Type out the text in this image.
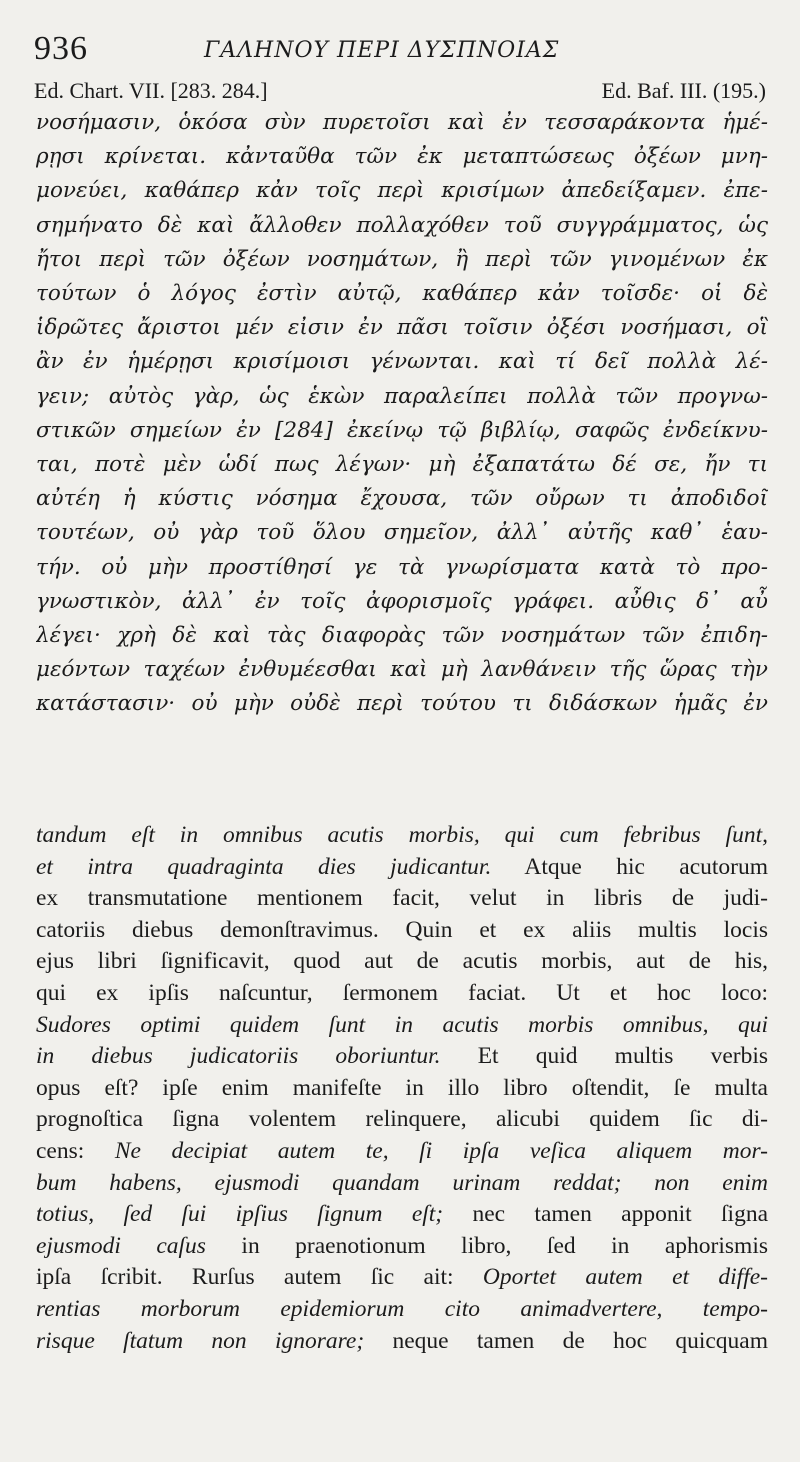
936	ΓΑΛΗΝΟΥ ΠΕΡΙ ΔΥΣΠΝΟΙΑΣ
Ed. Chart. VII. [283. 284.]	Ed. Baf. III. (195.)
νοσήμασιν, ὁκόσα σὺν πυρετοῖσι καὶ ἐν τεσσαράκοντα ἡμέ-
ρῃσι κρίνεται. κἀνταῦθα τῶν ἐκ μεταπτώσεως ὀξέων μνη-
μονεύει, καθάπερ κἀν τοῖς περὶ κρισίμων ἀπεδείξαμεν. ἐπε-
σημήνατο δὲ καὶ ἄλλοθεν πολλαχόθεν τοῦ συγγράμματος, ὡς
ἤτοι περὶ τῶν ὀξέων νοσημάτων, ἢ περὶ τῶν γινομένων ἐκ
τούτων ὁ λόγος ἐστὶν αὐτῷ, καθάπερ κἀν τοῖσδε· οἱ δὲ
ἱδρῶτες ἄριστοι μέν εἰσιν ἐν πᾶσι τοῖσιν ὀξέσι νοσήμασι, οἳ
ἂν ἐν ἡμέρῃσι κρισίμοισι γένωνται. καὶ τί δεῖ πολλὰ λέ-
γειν; αὐτὸς γὰρ, ὡς ἑκὼν παραλείπει πολλὰ τῶν προγνω-
στικῶν σημείων ἐν [284] ἐκείνῳ τῷ βιβλίῳ, σαφῶς ἐνδείκνυ-
ται, ποτὲ μὲν ὡδί πως λέγων· μὴ ἐξαπατάτω δέ σε, ἤν τι
αὐτέη ἡ κύστις νόσημα ἔχουσα, τῶν οὔρων τι ἀποδιδοῖ
τουτέων, οὐ γὰρ τοῦ ὅλου σημεῖον, ἀλλ᾽ αὐτῆς καθ᾽ ἑαυ-
τήν. οὐ μὴν προστίθησί γε τὰ γνωρίσματα κατὰ τὸ προ-
γνωστικὸν, ἀλλ᾽ ἐν τοῖς ἀφορισμοῖς γράφει. αὖθις δ᾽ αὖ
λέγει· χρὴ δὲ καὶ τὰς διαφορὰς τῶν νοσημάτων τῶν ἐπιδη-
μεόντων ταχέων ἐνθυμέεσθαι καὶ μὴ λανθάνειν τῆς ὥρας τὴν
κατάστασιν· οὐ μὴν οὐδὲ περὶ τούτου τι διδάσκων ἡμᾶς ἐν
tandum eſt in omnibus acutis morbis, qui cum febribus ſunt,
et intra quadraginta dies judicantur. Atque hic acutorum
ex transmutatione mentionem facit, velut in libris de judi-
catoriis diebus demonſtravimus. Quin et ex aliis multis locis
ejus libri ſignificavit, quod aut de acutis morbis, aut de his,
qui ex ipſis naſcuntur, ſermonem faciat. Ut et hoc loco:
Sudores optimi quidem ſunt in acutis morbis omnibus, qui
in diebus judicatoriis oboriuntur. Et quid multis verbis
opus eſt? ipſe enim manifeſte in illo libro oſtendit, ſe multa
prognoſtica ſigna volentem relinquere, alicubi quidem ſic di-
cens: Ne decipiat autem te, ſi ipſa veſica aliquem mor-
bum habens, ejusmodi quandam urinam reddat; non enim
totius, ſed ſui ipſius ſignum eſt; nec tamen apponit ſigna
ejusmodi caſus in praenotionum libro, ſed in aphorismis
ipſa ſcribit. Rurſus autem ſic ait: Oportet autem et diffe-
rentias morborum epidemiorum cito animadvertere, tempo-
risque ſtatum non ignorare; neque tamen de hoc quicquam
